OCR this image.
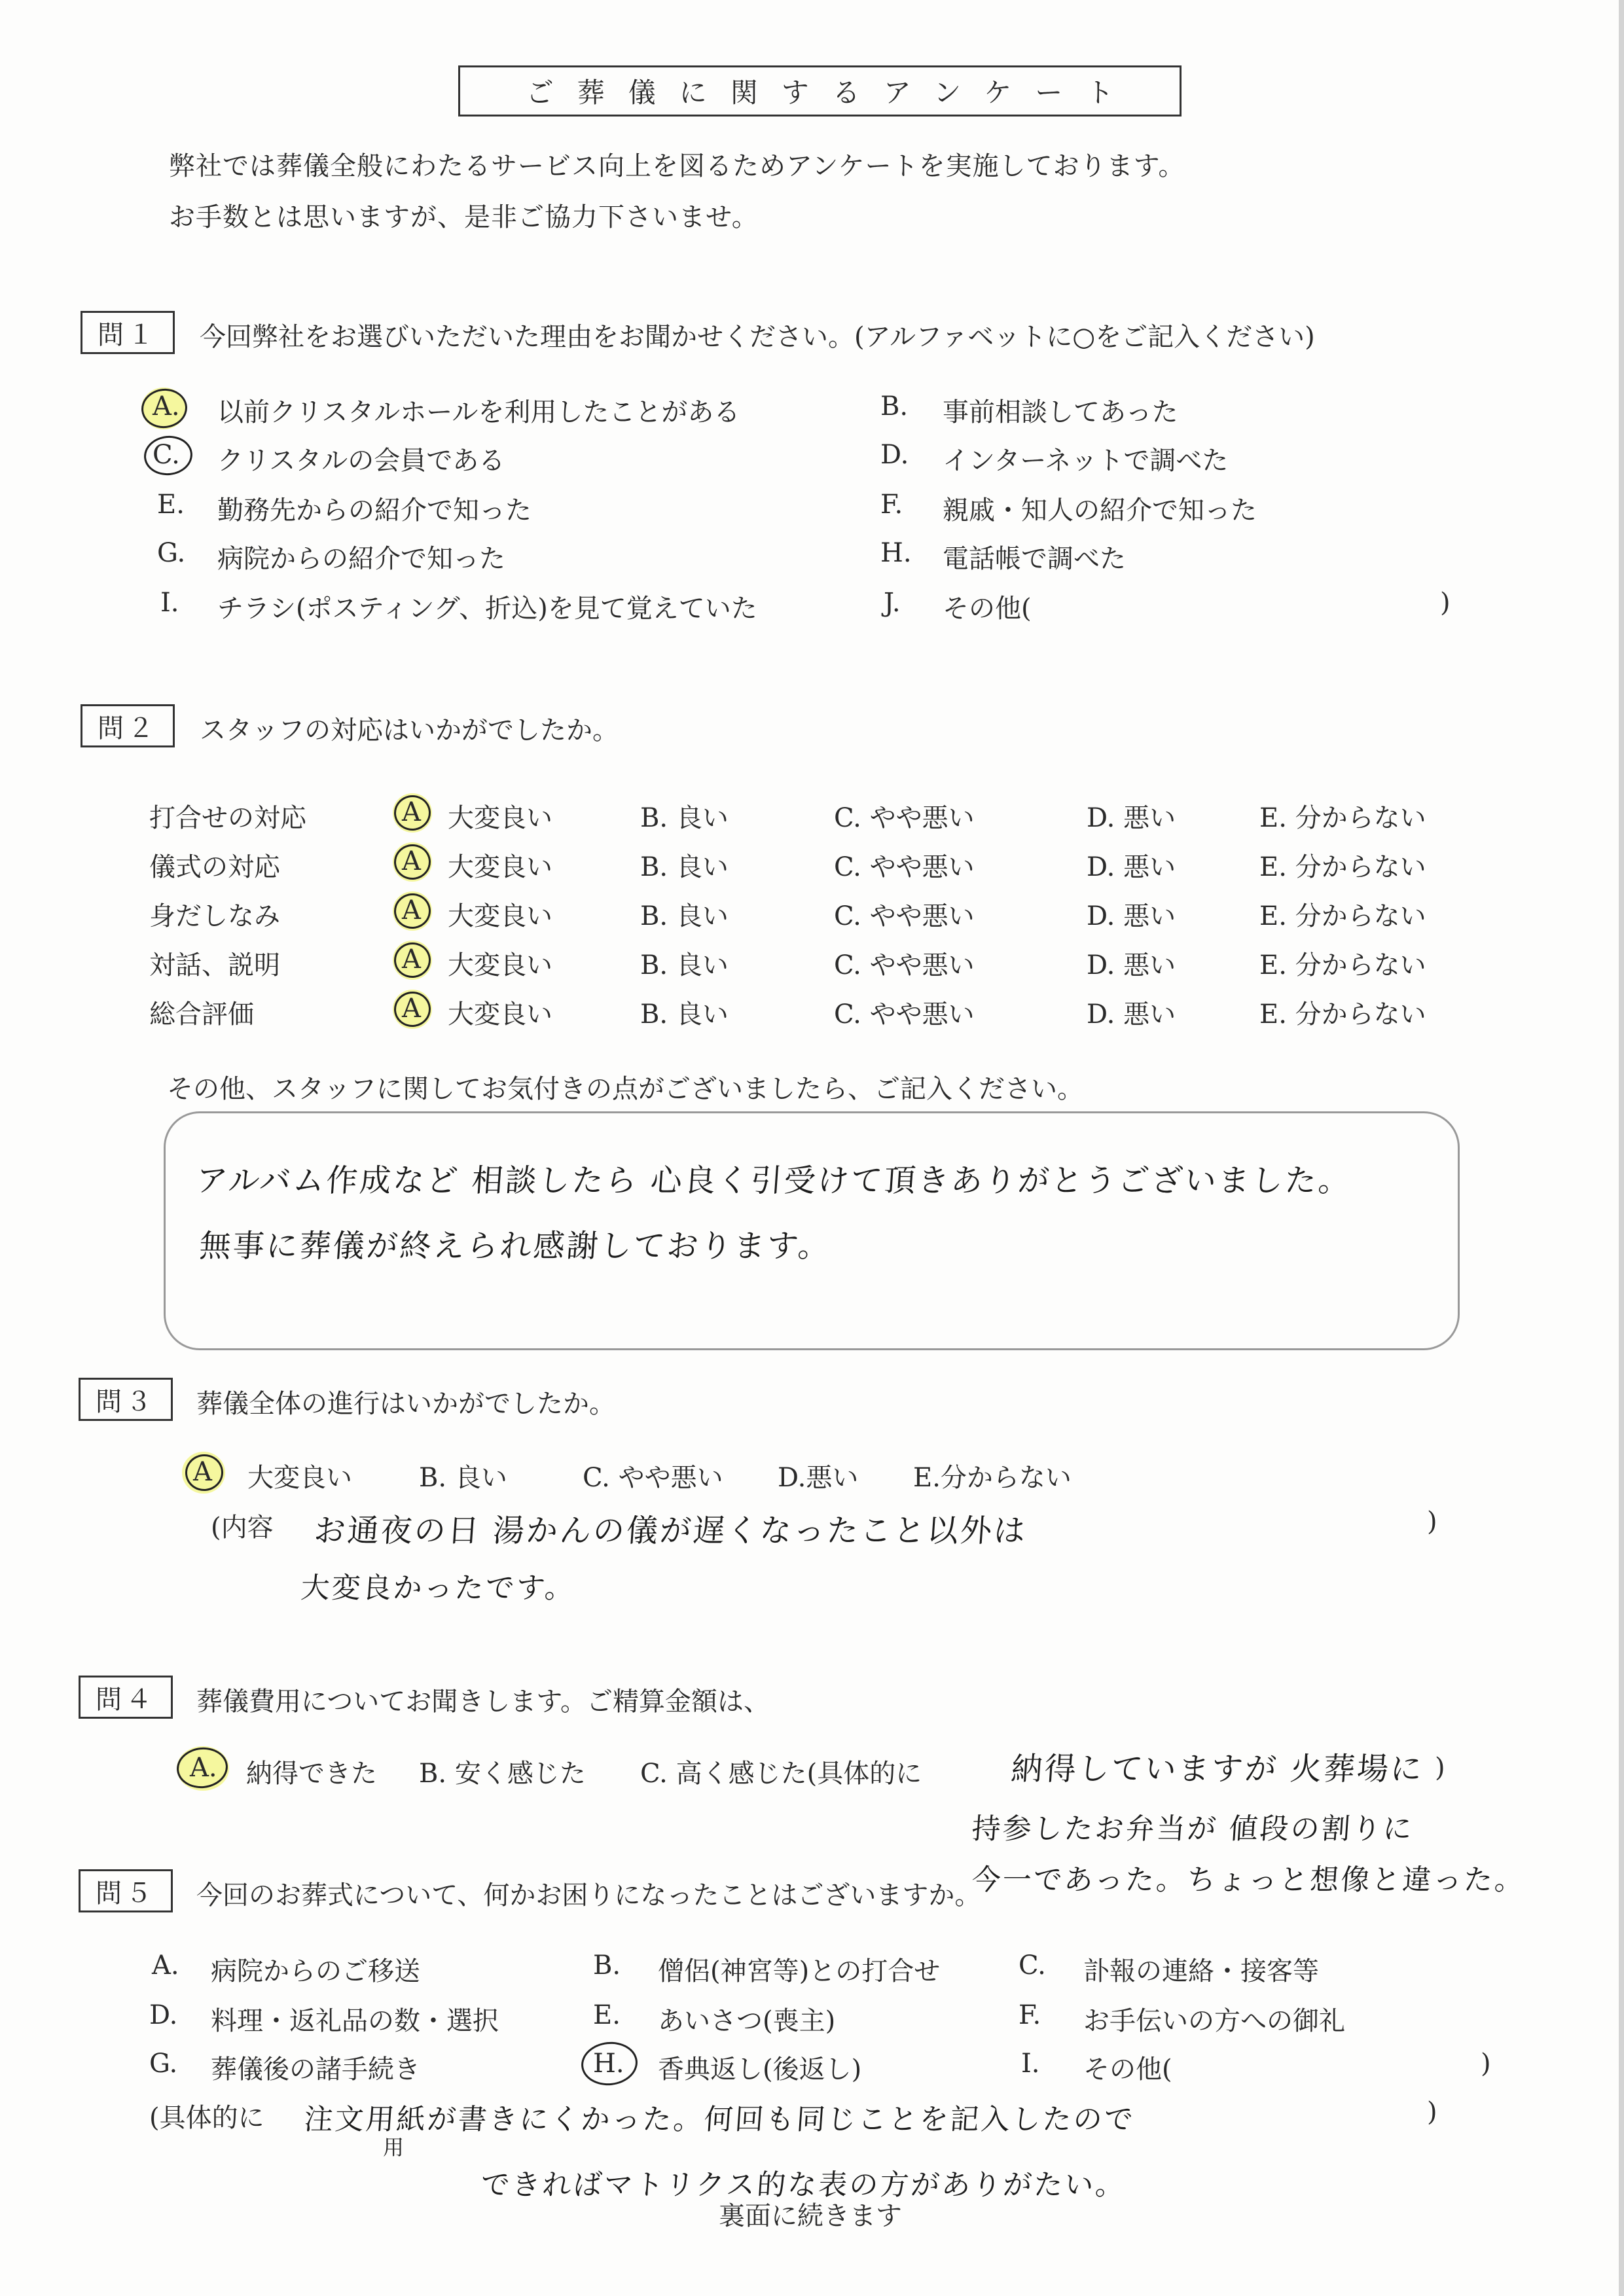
ご葬儀に関するアンケート
弊社では葬儀全般にわたるサービス向上を図るためアンケートを実施しております。
お手数とは思いますが、是非ご協力下さいませ。
問１	今回弊社をお選びいただいた理由をお聞かせください。(アルファベットに○をご記入ください)
A. 以前クリスタルホールを利用したことがある	B. 事前相談してあった
C. クリスタルの会員である	D. インターネットで調べた
E. 勤務先からの紹介で知った	F. 親戚・知人の紹介で知った
G. 病院からの紹介で知った	H. 電話帳で調べた
I. チラシ(ポスティング、折込)を見て覚えていた	J. その他(	)
問２	スタッフの対応はいかがでしたか。
打合せの対応	A 大変良い	B. 良い	C. やや悪い	D. 悪い	E. 分からない
儀式の対応	A 大変良い	B. 良い	C. やや悪い	D. 悪い	E. 分からない
身だしなみ	A 大変良い	B. 良い	C. やや悪い	D. 悪い	E. 分からない
対話、説明	A 大変良い	B. 良い	C. やや悪い	D. 悪い	E. 分からない
総合評価	A 大変良い	B. 良い	C. やや悪い	D. 悪い	E. 分からない
その他、スタッフに関してお気付きの点がございましたら、ご記入ください。
アルバム作成など 相談したら 心良く引受けて頂きありがとうございました。
無事に葬儀が終えられ感謝しております。
問３	葬儀全体の進行はいかがでしたか。
A 大変良い	B. 良い	C. やや悪い D.悪い E.分からない
(内容	)
お通夜の日 湯かんの儀が遅くなったこと以外は
大変良かったです。
問４	葬儀費用についてお聞きします。ご精算金額は、
A. 納得できた B. 安く感じた C. 高く感じた(具体的に	)
納得していますが 火葬場に
持参したお弁当が 値段の割りに
今一であった。ちょっと想像と違った。
問５	今回のお葬式について、何かお困りになったことはございますか。
A. 病院からのご移送	B. 僧侶(神宮等)との打合せ	C. 訃報の連絡・接客等
D. 料理・返礼品の数・選択	E. あいさつ(喪主)	F. お手伝いの方への御礼
G. 葬儀後の諸手続き	H. 香典返し(後返し)	I. その他(	)
(具体的に	)
注文用紙が書きにくかった。何回も同じことを記入したので
用
できればマトリクス的な表の方がありがたい。
裏面に続きます
